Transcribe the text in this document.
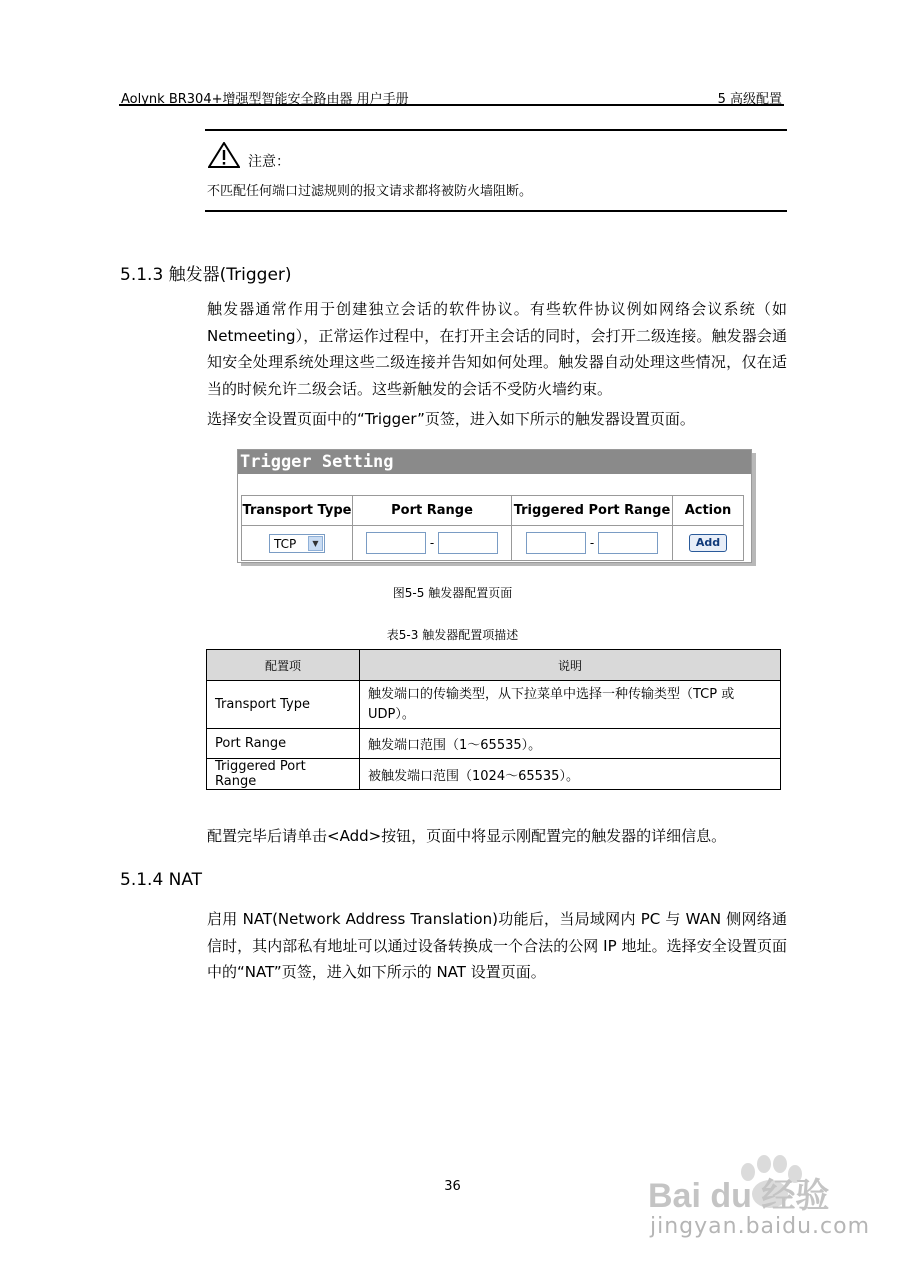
Aolynk BR304+增强型智能安全路由器 用户手册	5 高级配置
注意：
不匹配任何端口过滤规则的报文请求都将被防火墙阻断。
5.1.3 触发器(Trigger)
触发器通常作用于创建独立会话的软件协议。有些软件协议例如网络会议系统（如 Netmeeting），正常运作过程中，在打开主会话的同时，会打开二级连接。触发器会通知安全处理系统处理这些二级连接并告知如何处理。触发器自动处理这些情况，仅在适当的时候允许二级会话。这些新触发的会话不受防火墙约束。
选择安全设置页面中的“Trigger”页签，进入如下所示的触发器设置页面。
Trigger Setting
Transport Type	Port Range	Triggered Port Range	Action
TCP ▼	-	-	Add
图5-5 触发器配置页面
表5-3 触发器配置项描述
配置项	说明
Transport Type	触发端口的传输类型，从下拉菜单中选择一种传输类型（TCP 或 UDP）。
Port Range	触发端口范围（1～65535）。
Triggered Port Range	被触发端口范围（1024～65535）。
配置完毕后请单击<Add>按钮，页面中将显示刚配置完的触发器的详细信息。
5.1.4 NAT
启用 NAT(Network Address Translation)功能后，当局域网内 PC 与 WAN 侧网络通信时，其内部私有地址可以通过设备转换成一个合法的公网 IP 地址。选择安全设置页面中的“NAT”页签，进入如下所示的 NAT 设置页面。
36	Bai du 经验
jingyan.baidu.com
